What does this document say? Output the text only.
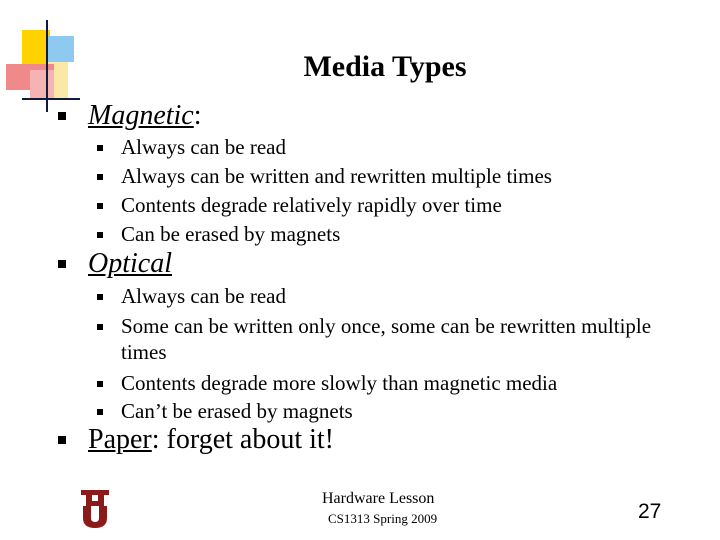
Media Types
Magnetic:
Always can be read
Always can be written and rewritten multiple times
Contents degrade relatively rapidly over time
Can be erased by magnets
Optical
Always can be read
Some can be written only once, some can be rewritten multiple times
Contents degrade more slowly than magnetic media
Can’t be erased by magnets
Paper: forget about it!
Hardware Lesson
CS1313 Spring 2009	27
